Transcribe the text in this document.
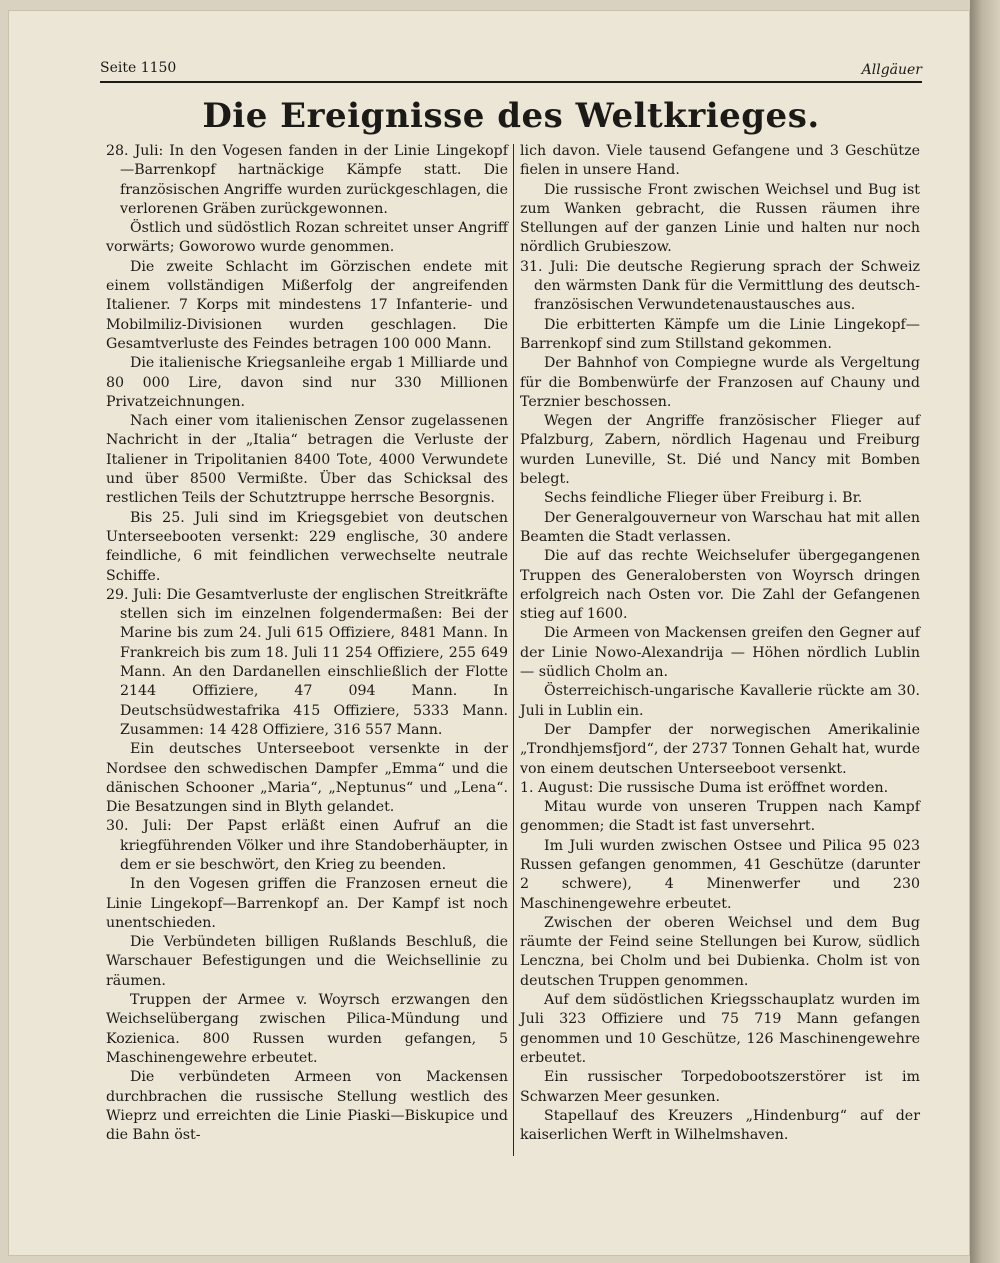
Seite 1150	Allgäuer
Die Ereignisse des Weltkrieges.

28. Juli: In den Vogesen fanden in der Linie Lingekopf—Barrenkopf hartnäckige Kämpfe statt. Die französischen Angriffe wurden zurückgeschlagen, die verlorenen Gräben zurückgewonnen.

Östlich und südöstlich Rozan schreitet unser Angriff vorwärts; Goworowo wurde genommen.

Die zweite Schlacht im Görzischen endete mit einem vollständigen Mißerfolg der angreifenden Italiener. 7 Korps mit mindestens 17 Infanterie- und Mobilmiliz-Divisionen wurden geschlagen. Die Gesamtverluste des Feindes betragen 100 000 Mann.

Die italienische Kriegsanleihe ergab 1 Milliarde und 80 000 Lire, davon sind nur 330 Millionen Privatzeichnungen.

Nach einer vom italienischen Zensor zugelassenen Nachricht in der „Italia“ betragen die Verluste der Italiener in Tripolitanien 8400 Tote, 4000 Verwundete und über 8500 Vermißte. Über das Schicksal des restlichen Teils der Schutztruppe herrsche Besorgnis.

Bis 25. Juli sind im Kriegsgebiet von deutschen Unterseebooten versenkt: 229 englische, 30 andere feindliche, 6 mit feindlichen verwechselte neutrale Schiffe.

29. Juli: Die Gesamtverluste der englischen Streitkräfte stellen sich im einzelnen folgendermaßen: Bei der Marine bis zum 24. Juli 615 Offiziere, 8481 Mann. In Frankreich bis zum 18. Juli 11 254 Offiziere, 255 649 Mann. An den Dardanellen einschließlich der Flotte 2144 Offiziere, 47 094 Mann. In Deutschsüdwestafrika 415 Offiziere, 5333 Mann. Zusammen: 14 428 Offiziere, 316 557 Mann.

Ein deutsches Unterseeboot versenkte in der Nordsee den schwedischen Dampfer „Emma“ und die dänischen Schooner „Maria“, „Neptunus“ und „Lena“. Die Besatzungen sind in Blyth gelandet.

30. Juli: Der Papst erläßt einen Aufruf an die kriegführenden Völker und ihre Standoberhäupter, in dem er sie beschwört, den Krieg zu beenden.

In den Vogesen griffen die Franzosen erneut die Linie Lingekopf—Barrenkopf an. Der Kampf ist noch unentschieden.

Die Verbündeten billigen Rußlands Beschluß, die Warschauer Befestigungen und die Weichsellinie zu räumen.

Truppen der Armee v. Woyrsch erzwangen den Weichselübergang zwischen Pilica-Mündung und Kozienica. 800 Russen wurden gefangen, 5 Maschinengewehre erbeutet.

Die verbündeten Armeen von Mackensen durchbrachen die russische Stellung westlich des Wieprz und erreichten die Linie Piaski—Biskupice und die Bahn öst-

lich davon. Viele tausend Gefangene und 3 Geschütze fielen in unsere Hand.

Die russische Front zwischen Weichsel und Bug ist zum Wanken gebracht, die Russen räumen ihre Stellungen auf der ganzen Linie und halten nur noch nördlich Grubieszow.

31. Juli: Die deutsche Regierung sprach der Schweiz den wärmsten Dank für die Vermittlung des deutsch-französischen Verwundetenaustausches aus.

Die erbitterten Kämpfe um die Linie Lingekopf—Barrenkopf sind zum Stillstand gekommen.

Der Bahnhof von Compiegne wurde als Vergeltung für die Bombenwürfe der Franzosen auf Chauny und Terznier beschossen.

Wegen der Angriffe französischer Flieger auf Pfalzburg, Zabern, nördlich Hagenau und Freiburg wurden Luneville, St. Dié und Nancy mit Bomben belegt.

Sechs feindliche Flieger über Freiburg i. Br.

Der Generalgouverneur von Warschau hat mit allen Beamten die Stadt verlassen.

Die auf das rechte Weichselufer übergegangenen Truppen des Generalobersten von Woyrsch dringen erfolgreich nach Osten vor. Die Zahl der Gefangenen stieg auf 1600.

Die Armeen von Mackensen greifen den Gegner auf der Linie Nowo-Alexandrija — Höhen nördlich Lublin — südlich Cholm an.

Österreichisch-ungarische Kavallerie rückte am 30. Juli in Lublin ein.

Der Dampfer der norwegischen Amerikalinie „Trondhjemsfjord“, der 2737 Tonnen Gehalt hat, wurde von einem deutschen Unterseeboot versenkt.

1. August: Die russische Duma ist eröffnet worden.

Mitau wurde von unseren Truppen nach Kampf genommen; die Stadt ist fast unversehrt.

Im Juli wurden zwischen Ostsee und Pilica 95 023 Russen gefangen genommen, 41 Geschütze (darunter 2 schwere), 4 Minenwerfer und 230 Maschinengewehre erbeutet.

Zwischen der oberen Weichsel und dem Bug räumte der Feind seine Stellungen bei Kurow, südlich Lenczna, bei Cholm und bei Dubienka. Cholm ist von deutschen Truppen genommen.

Auf dem südöstlichen Kriegsschauplatz wurden im Juli 323 Offiziere und 75 719 Mann gefangen genommen und 10 Geschütze, 126 Maschinengewehre erbeutet.

Ein russischer Torpedobootszerstörer ist im Schwarzen Meer gesunken.

Stapellauf des Kreuzers „Hindenburg“ auf der kaiserlichen Werft in Wilhelmshaven.
